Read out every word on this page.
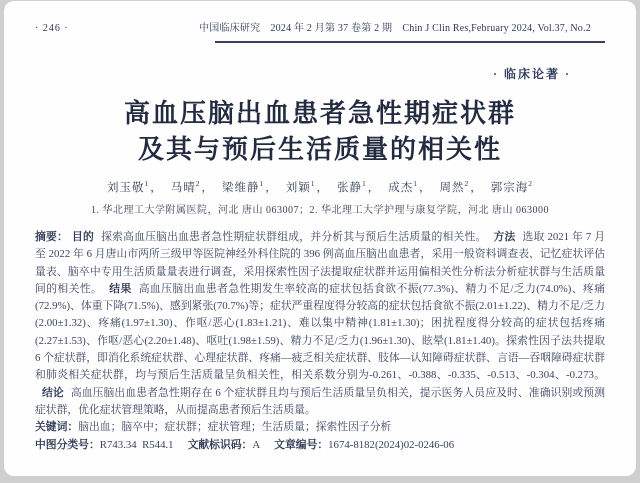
· 246 ·	中国临床研究　2024 年 2 月第 37 卷第 2 期　Chin J Clin Res,February 2024, Vol.37, No.2
· 临床论著 ·
高血压脑出血患者急性期症状群
及其与预后生活质量的相关性
刘玉敬$^1$， 马晴$^2$， 梁维静$^1$， 刘颖$^1$， 张静$^1$， 成杰$^1$， 周然$^2$， 郭宗海$^2$
1. 华北理工大学附属医院，河北 唐山 063007；2. 华北理工大学护理与康复学院，河北 唐山 063000
摘要： 目的 探索高血压脑出血患者急性期症状群组成，并分析其与预后生活质量的相关性。 方法 选取 2021 年 7 月至 2022 年 6 月唐山市两所三级甲等医院神经外科住院的 396 例高血压脑出血患者，采用一般资料调查表、记忆症状评估量表、脑卒中专用生活质量量表进行调查，采用探索性因子法提取症状群并运用偏相关性分析法分析症状群与生活质量间的相关性。 结果 高血压脑出血患者急性期发生率较高的症状包括食欲不振(77.3%)、精力不足/乏力(74.0%)、疼痛(72.9%)、体重下降(71.5%)、感到紧张(70.7%)等；症状严重程度得分较高的症状包括食欲不振(2.01±1.22)、精力不足/乏力(2.00±1.32)、疼痛(1.97±1.30)、作呕/恶心(1.83±1.21)、难以集中精神(1.81±1.30)；困扰程度得分较高的症状包括疼痛(2.27±1.53)、作呕/恶心(2.20±1.48)、呕吐(1.98±1.59)、精力不足/乏力(1.96±1.30)、眩晕(1.81±1.40)。探索性因子法共提取 6 个症状群，即消化系统症状群、心理症状群、疼痛—疲乏相关症状群、肢体—认知障碍症状群、言语—吞咽障碍症状群和肺炎相关症状群，均与预后生活质量呈负相关性，相关系数分别为-0.261、-0.388、-0.335、-0.513、-0.304、-0.273。结论 高血压脑出血患者急性期存在 6 个症状群且均与预后生活质量呈负相关，提示医务人员应及时、准确识别或预测症状群，优化症状管理策略，从而提高患者预后生活质量。
关键词：脑出血；脑卒中；症状群；症状管理；生活质量；探索性因子分析
中图分类号：R743.34  R544.1 文献标识码：A 文章编号：1674-8182(2024)02-0246-06
